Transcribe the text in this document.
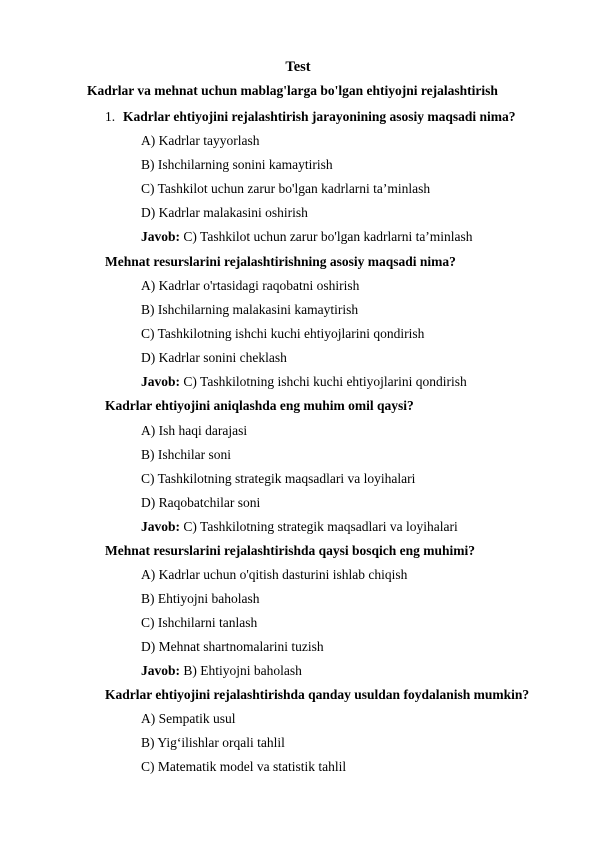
Test
Kadrlar va mehnat uchun mablag'larga bo'lgan ehtiyojni rejalashtirish
1. Kadrlar ehtiyojini rejalashtirish jarayonining asosiy maqsadi nima?
A) Kadrlar tayyorlash
B) Ishchilarning sonini kamaytirish
C) Tashkilot uchun zarur bo'lgan kadrlarni ta’minlash
D) Kadrlar malakasini oshirish
Javob: C) Tashkilot uchun zarur bo'lgan kadrlarni ta’minlash
Mehnat resurslarini rejalashtirishning asosiy maqsadi nima?
A) Kadrlar o'rtasidagi raqobatni oshirish
B) Ishchilarning malakasini kamaytirish
C) Tashkilotning ishchi kuchi ehtiyojlarini qondirish
D) Kadrlar sonini cheklash
Javob: C) Tashkilotning ishchi kuchi ehtiyojlarini qondirish
Kadrlar ehtiyojini aniqlashda eng muhim omil qaysi?
A) Ish haqi darajasi
B) Ishchilar soni
C) Tashkilotning strategik maqsadlari va loyihalari
D) Raqobatchilar soni
Javob: C) Tashkilotning strategik maqsadlari va loyihalari
Mehnat resurslarini rejalashtirishda qaysi bosqich eng muhimi?
A) Kadrlar uchun o'qitish dasturini ishlab chiqish
B) Ehtiyojni baholash
C) Ishchilarni tanlash
D) Mehnat shartnomalarini tuzish
Javob: B) Ehtiyojni baholash
Kadrlar ehtiyojini rejalashtirishda qanday usuldan foydalanish mumkin?
A) Sempatik usul
B) Yig‘ilishlar orqali tahlil
C) Matematik model va statistik tahlil
